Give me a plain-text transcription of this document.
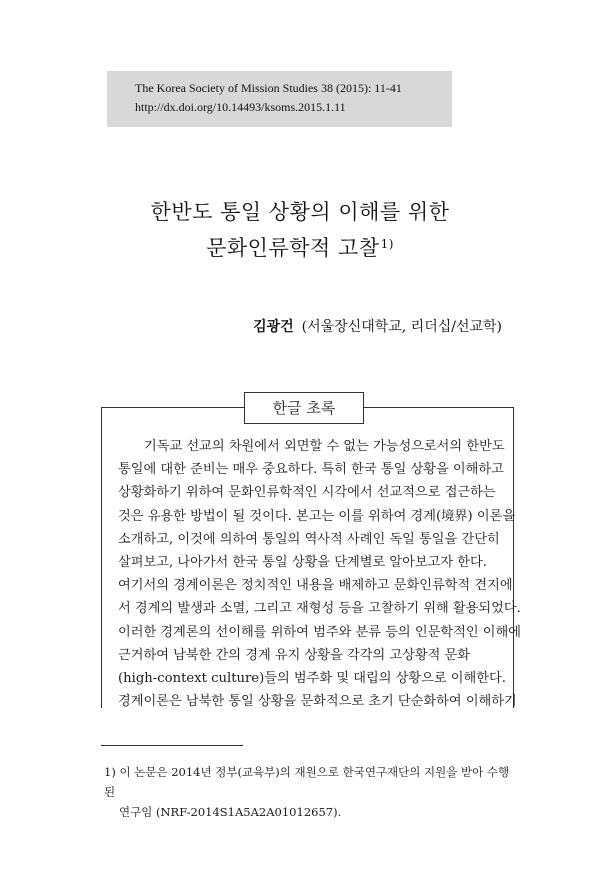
The Korea Society of Mission Studies 38 (2015): 11-41
http://dx.doi.org/10.14493/ksoms.2015.1.11
한반도 통일 상황의 이해를 위한
문화인류학적 고찰$^{1)}$
김광건 (서울장신대학교, 리더십/선교학)
한글 초록
기독교 선교의 차원에서 외면할 수 없는 가능성으로서의 한반도
통일에 대한 준비는 매우 중요하다. 특히 한국 통일 상황을 이해하고
상황화하기 위하여 문화인류학적인 시각에서 선교적으로 접근하는
것은 유용한 방법이 될 것이다. 본고는 이를 위하여 경계(境界) 이론을
소개하고, 이것에 의하여 통일의 역사적 사례인 독일 통일을 간단히
살펴보고, 나아가서 한국 통일 상황을 단계별로 알아보고자 한다.
여기서의 경계이론은 정치적인 내용을 배제하고 문화인류학적 견지에
서 경계의 발생과 소멸, 그리고 재형성 등을 고찰하기 위해 활용되었다.
이러한 경계론의 선이해를 위하여 범주와 분류 등의 인문학적인 이해에
근거하여 남북한 간의 경계 유지 상황을 각각의 고상황적 문화
(high-context culture)들의 범주화 및 대립의 상황으로 이해한다.
경계이론은 남북한 통일 상황을 문화적으로 초기 단순화하여 이해하기
1) 이 논문은 2014년 정부(교육부)의 재원으로 한국연구재단의 지원을 받아 수행된
연구임 (NRF-2014S1A5A2A01012657).
